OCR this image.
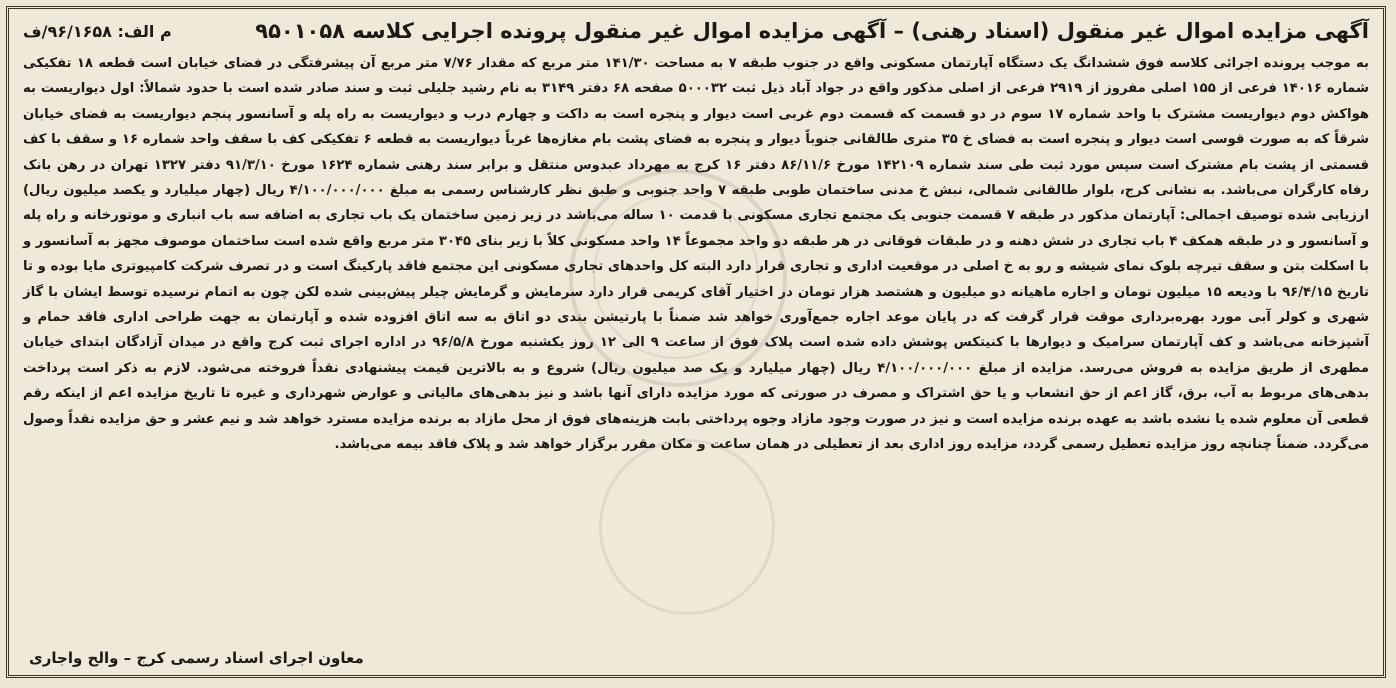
آگهی مزایده اموال غیر منقول (اسناد رهنی) – آگهی مزایده اموال غیر منقول پرونده اجرایی کلاسه ۹۵۰۱۰۵۸
م الف: ۹۶/۱۶۵۸/ف

به موجب پرونده اجرائی کلاسه فوق ششدانگ یک دستگاه آپارتمان مسکونی واقع در جنوب طبقه ۷ به مساحت ۱۴۱/۳۰ متر مربع که مقدار ۷/۷۶ متر مربع آن پیشرفتگی در فضای خیابان است قطعه ۱۸ تفکیکی شماره ۱۴۰۱۶ فرعی از ۱۵۵ اصلی مفروز از ۲۹۱۹ فرعی از اصلی مذکور واقع در جواد آباد ذیل ثبت ۵۰۰۰۳۲ صفحه ۶۸ دفتر ۳۱۴۹ به نام رشید جلیلی ثبت و سند صادر شده است با حدود شمالاً: اول دیواریست به هواکش دوم دیواریست مشترک با واحد شماره ۱۷ سوم در دو قسمت که قسمت دوم غربی است دیوار و پنجره است به داکت و چهارم درب و دیواریست به راه پله و آسانسور پنجم دیواریست به فضای خیابان شرقاً که به صورت قوسی است دیوار و پنجره است به فضای خ ۳۵ متری طالقانی جنوباً دیوار و پنجره به فضای پشت بام مغازه‌ها غرباً دیواریست به قطعه ۶ تفکیکی کف با سقف واحد شماره ۱۶ و سقف با کف قسمتی از پشت بام مشترک است سپس مورد ثبت طی سند شماره ۱۴۲۱۰۹ مورخ ۸۶/۱۱/۶ دفتر ۱۶ کرج به مهرداد عبدوس منتقل و برابر سند رهنی شماره ۱۶۲۴ مورخ ۹۱/۳/۱۰ دفتر ۱۳۲۷ تهران در رهن بانک رفاه کارگران می‌باشد. به نشانی کرج، بلوار طالقانی شمالی، نبش خ مدنی ساختمان طوبی طبقه ۷ واحد جنوبی و طبق نظر کارشناس رسمی به مبلغ ۴/۱۰۰/۰۰۰/۰۰۰ ریال (چهار میلیارد و یکصد میلیون ریال) ارزیابی شده توصیف اجمالی: آپارتمان مذکور در طبقه ۷ قسمت جنوبی یک مجتمع تجاری مسکونی با قدمت ۱۰ ساله می‌باشد در زیر زمین ساختمان یک باب تجاری به اضافه سه باب انباری و موتورخانه و راه پله و آسانسور و در طبقه همکف ۴ باب تجاری در شش دهنه و در طبقات فوقانی در هر طبقه دو واحد مجموعاً ۱۴ واحد مسکونی کلاً با زیر بنای ۳۰۴۵ متر مربع واقع شده است ساختمان موصوف مجهز به آسانسور و با اسکلت بتن و سقف تیرچه بلوک نمای شیشه و رو به خ اصلی در موقعیت اداری و تجاری قرار دارد البته کل واحدهای تجاری مسکونی این مجتمع فاقد پارکینگ است و در تصرف شرکت کامپیوتری مایا بوده و تا تاریخ ۹۶/۴/۱۵ با ودیعه ۱۵ میلیون تومان و اجاره ماهیانه دو میلیون و هشتصد هزار تومان در اختیار آقای کریمی قرار دارد سرمایش و گرمایش چیلر پیش‌بینی شده لکن چون به اتمام نرسیده توسط ایشان با گاز شهری و کولر آبی مورد بهره‌برداری موقت قرار گرفت که در پایان موعد اجاره جمع‌آوری خواهد شد ضمناً با پارتیشن بندی دو اتاق به سه اتاق افزوده شده و آپارتمان به جهت طراحی اداری فاقد حمام و آشپزخانه می‌باشد و کف آپارتمان سرامیک و دیوارها با کنیتکس پوشش داده شده است پلاک فوق از ساعت ۹ الی ۱۲ روز یکشنبه مورخ ۹۶/۵/۸ در اداره اجرای ثبت کرج واقع در میدان آزادگان ابتدای خیابان مطهری از طریق مزایده به فروش می‌رسد. مزایده از مبلغ ۴/۱۰۰/۰۰۰/۰۰۰ ریال (چهار میلیارد و یک صد میلیون ریال) شروع و به بالاترین قیمت پیشنهادی نقداً فروخته می‌شود. لازم به ذکر است پرداخت بدهی‌های مربوط به آب، برق، گاز اعم از حق انشعاب و یا حق اشتراک و مصرف در صورتی که مورد مزایده دارای آنها باشد و نیز بدهی‌های مالیاتی و عوارض شهرداری و غیره تا تاریخ مزایده اعم از اینکه رقم قطعی آن معلوم شده یا نشده باشد به عهده برنده مزایده است و نیز در صورت وجود مازاد وجوه پرداختی بابت هزینه‌های فوق از محل مازاد به برنده مزایده مسترد خواهد شد و نیم عشر و حق مزایده نقداً وصول می‌گردد. ضمناً چنانچه روز مزایده تعطیل رسمی گردد، مزایده روز اداری بعد از تعطیلی در همان ساعت و مکان مقرر برگزار خواهد شد و پلاک فاقد بیمه می‌باشد.

معاون اجرای اسناد رسمی کرج – والح واجاری
